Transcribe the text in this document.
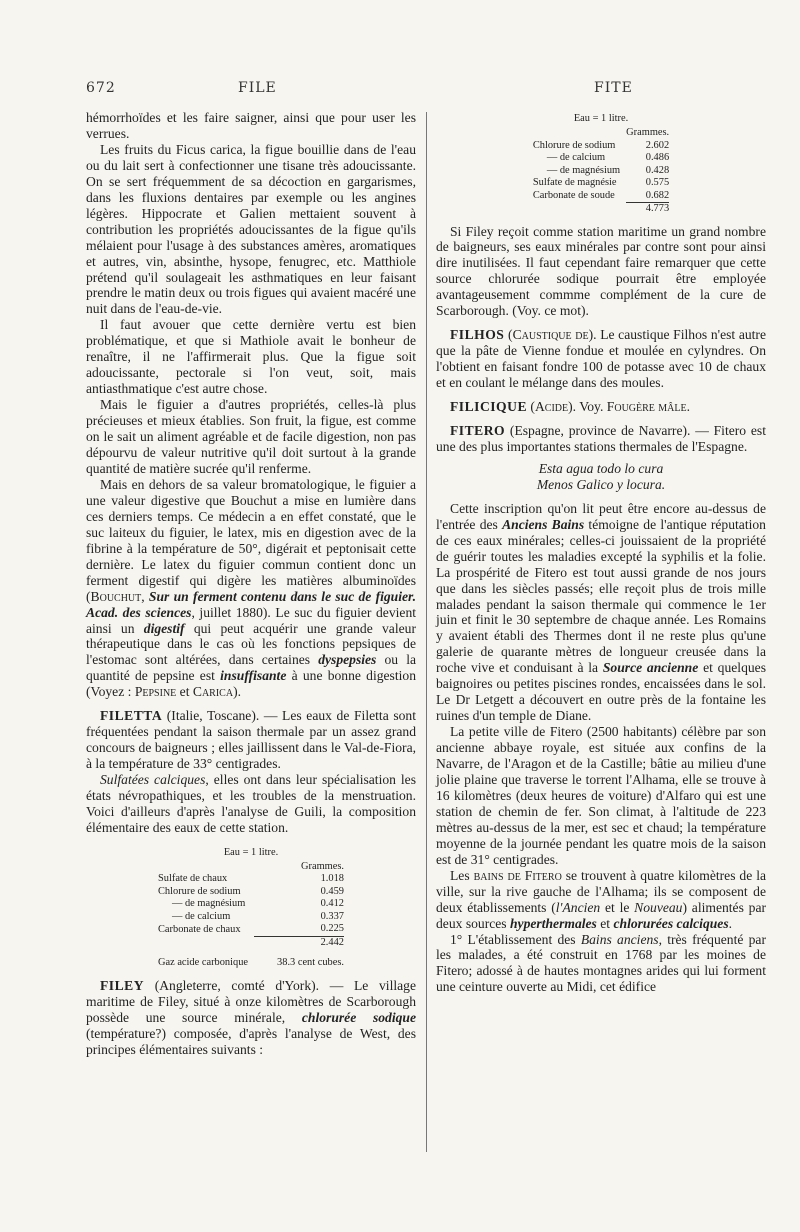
672	FILE	FITE

hémorrhoïdes et les faire saigner, ainsi que pour user les verrues.

Les fruits du Ficus carica, la figue bouillie dans de l'eau ou du lait sert à confectionner une tisane très adoucissante. On se sert fréquemment de sa décoction en gargarismes, dans les fluxions dentaires par exemple ou les angines légères. Hippocrate et Galien mettaient souvent à contribution les propriétés adoucissantes de la figue qu'ils mélaient pour l'usage à des substances amères, aromatiques et autres, vin, absinthe, hysope, fenugrec, etc. Matthiole prétend qu'il soulageait les asthmatiques en leur faisant prendre le matin deux ou trois figues qui avaient macéré une nuit dans de l'eau-de-vie.

Il faut avouer que cette dernière vertu est bien problématique, et que si Mathiole avait le bonheur de renaître, il ne l'affirmerait plus. Que la figue soit adoucissante, pectorale si l'on veut, soit, mais antiasthmatique c'est autre chose.

Mais le figuier a d'autres propriétés, celles-là plus précieuses et mieux établies. Son fruit, la figue, est comme on le sait un aliment agréable et de facile digestion, non pas dépourvu de valeur nutritive qu'il doit surtout à la grande quantité de matière sucrée qu'il renferme.

Mais en dehors de sa valeur bromatologique, le figuier a une valeur digestive que Bouchut a mise en lumière dans ces derniers temps. Ce médecin a en effet constaté, que le suc laiteux du figuier, le latex, mis en digestion avec de la fibrine à la température de 50°, digérait et peptonisait cette dernière. Le latex du figuier commun contient donc un ferment digestif qui digère les matières albuminoïdes (Bouchut, Sur un ferment contenu dans le suc de figuier. Acad. des sciences, juillet 1880). Le suc du figuier devient ainsi un digestif qui peut acquérir une grande valeur thérapeutique dans le cas où les fonctions pepsiques de l'estomac sont altérées, dans certaines dyspepsies ou la quantité de pepsine est insuffisante à une bonne digestion (Voyez : Pepsine et Carica).

FILETTA (Italie, Toscane). — Les eaux de Filetta sont fréquentées pendant la saison thermale par un assez grand concours de baigneurs ; elles jaillissent dans le Val-de-Fiora, à la température de 33° centigrades.

Sulfatées calciques, elles ont dans leur spécialisation les états névropathiques, et les troubles de la menstruation. Voici d'ailleurs d'après l'analyse de Guili, la composition élémentaire des eaux de cette station.

Eau = 1 litre.
	Grammes.
Sulfate de chaux	1.018
Chlorure de sodium	0.459
— de magnésium	0.412
— de calcium	0.337
Carbonate de chaux	0.225
	2.442
Gaz acide carbonique	38.3 cent cubes.

FILEY (Angleterre, comté d'York). — Le village maritime de Filey, situé à onze kilomètres de Scarborough possède une source minérale, chlorurée sodique (température?) composée, d'après l'analyse de West, des principes élémentaires suivants :

Eau = 1 litre.
	Grammes.
Chlorure de sodium	2.602
— de calcium	0.486
— de magnésium	0.428
Sulfate de magnésie	0.575
Carbonate de soude	0.682
	4.773

Si Filey reçoit comme station maritime un grand nombre de baigneurs, ses eaux minérales par contre sont pour ainsi dire inutilisées. Il faut cependant faire remarquer que cette source chlorurée sodique pourrait être employée avantageusement commme complément de la cure de Scarborough. (Voy. ce mot).

FILHOS (Caustique de). Le caustique Filhos n'est autre que la pâte de Vienne fondue et moulée en cylyndres. On l'obtient en faisant fondre 100 de potasse avec 10 de chaux et en coulant le mélange dans des moules.

FILICIQUE (Acide). Voy. Fougère mâle.

FITERO (Espagne, province de Navarre). — Fitero est une des plus importantes stations thermales de l'Espagne.

Esta agua todo lo cura
Menos Galico y locura.

Cette inscription qu'on lit peut être encore au-dessus de l'entrée des Anciens Bains témoigne de l'antique réputation de ces eaux minérales; celles-ci jouissaient de la propriété de guérir toutes les maladies excepté la syphilis et la folie. La prospérité de Fitero est tout aussi grande de nos jours que dans les siècles passés; elle reçoit plus de trois mille malades pendant la saison thermale qui commence le 1er juin et finit le 30 septembre de chaque année. Les Romains y avaient établi des Thermes dont il ne reste plus qu'une galerie de quarante mètres de longueur creusée dans la roche vive et conduisant à la Source ancienne et quelques baignoires ou petites piscines rondes, encaissées dans le sol. Le Dr Letgett a découvert en outre près de la fontaine les ruines d'un temple de Diane.

La petite ville de Fitero (2500 habitants) célèbre par son ancienne abbaye royale, est située aux confins de la Navarre, de l'Aragon et de la Castille; bâtie au milieu d'une jolie plaine que traverse le torrent l'Alhama, elle se trouve à 16 kilomètres (deux heures de voiture) d'Alfaro qui est une station de chemin de fer. Son climat, à l'altitude de 223 mètres au-dessus de la mer, est sec et chaud; la température moyenne de la journée pendant les quatre mois de la saison est de 31° centigrades.

Les bains de Fitero se trouvent à quatre kilomètres de la ville, sur la rive gauche de l'Alhama; ils se composent de deux établissements (l'Ancien et le Nouveau) alimentés par deux sources hyperthermales et chlorurées calciques.

1° L'établissement des Bains anciens, très fréquenté par les malades, a été construit en 1768 par les moines de Fitero; adossé à de hautes montagnes arides qui lui forment une ceinture ouverte au Midi, cet édifice
